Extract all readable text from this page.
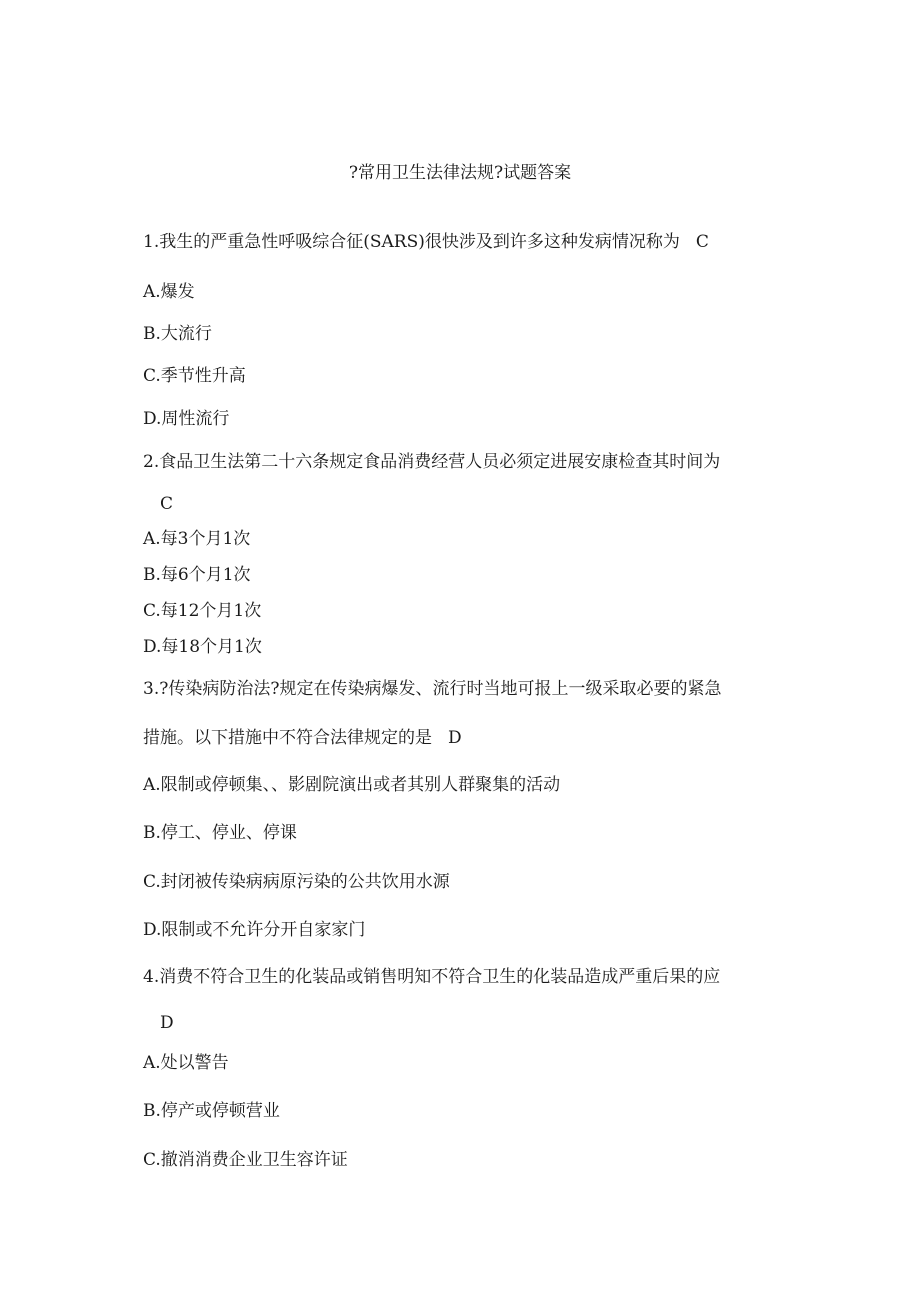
?常用卫生法律法规?试题答案
1.我生的严重急性呼吸综合征(SARS)很快涉及到许多这种发病情况称为 C
A.爆发
B.大流行
C.季节性升高
D.周性流行
2.食品卫生法第二十六条规定食品消费经营人员必须定进展安康检查其时间为
C
A.每3个月1次
B.每6个月1次
C.每12个月1次
D.每18个月1次
3.?传染病防治法?规定在传染病爆发、流行时当地可报上一级采取必要的紧急
措施。以下措施中不符合法律规定的是 D
A.限制或停顿集、、影剧院演出或者其别人群聚集的活动
B.停工、停业、停课
C.封闭被传染病病原污染的公共饮用水源
D.限制或不允许分开自家家门
4.消费不符合卫生的化装品或销售明知不符合卫生的化装品造成严重后果的应
D
A.处以警告
B.停产或停顿营业
C.撤消消费企业卫生容许证
